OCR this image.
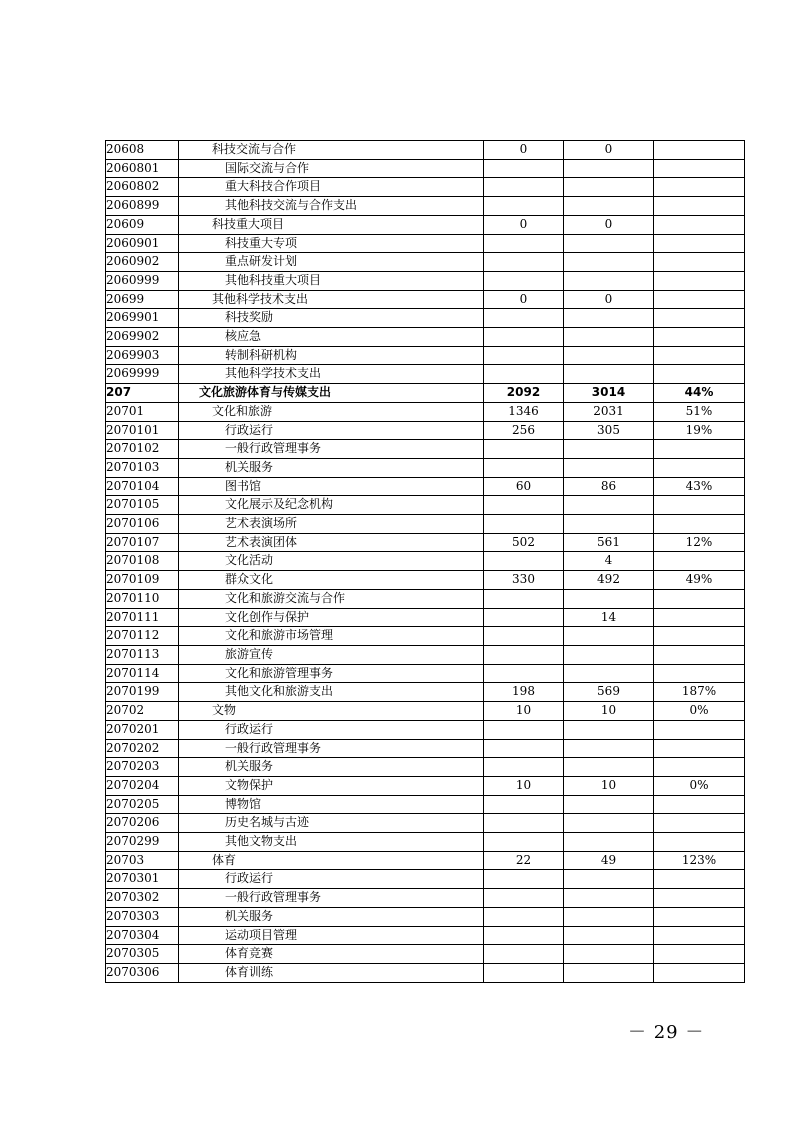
20608	科技交流与合作	0	0	
2060801	国际交流与合作			
2060802	重大科技合作项目			
2060899	其他科技交流与合作支出			
20609	科技重大项目	0	0	
2060901	科技重大专项			
2060902	重点研发计划			
2060999	其他科技重大项目			
20699	其他科学技术支出	0	0	
2069901	科技奖励			
2069902	核应急			
2069903	转制科研机构			
2069999	其他科学技术支出			
207	文化旅游体育与传媒支出	2092	3014	44%
20701	文化和旅游	1346	2031	51%
2070101	行政运行	256	305	19%
2070102	一般行政管理事务			
2070103	机关服务			
2070104	图书馆	60	86	43%
2070105	文化展示及纪念机构			
2070106	艺术表演场所			
2070107	艺术表演团体	502	561	12%
2070108	文化活动		4	
2070109	群众文化	330	492	49%
2070110	文化和旅游交流与合作			
2070111	文化创作与保护		14	
2070112	文化和旅游市场管理			
2070113	旅游宣传			
2070114	文化和旅游管理事务			
2070199	其他文化和旅游支出	198	569	187%
20702	文物	10	10	0%
2070201	行政运行			
2070202	一般行政管理事务			
2070203	机关服务			
2070204	文物保护	10	10	0%
2070205	博物馆			
2070206	历史名城与古迹			
2070299	其他文物支出			
20703	体育	22	49	123%
2070301	行政运行			
2070302	一般行政管理事务			
2070303	机关服务			
2070304	运动项目管理			
2070305	体育竞赛			
2070306	体育训练			
－ 29 －
